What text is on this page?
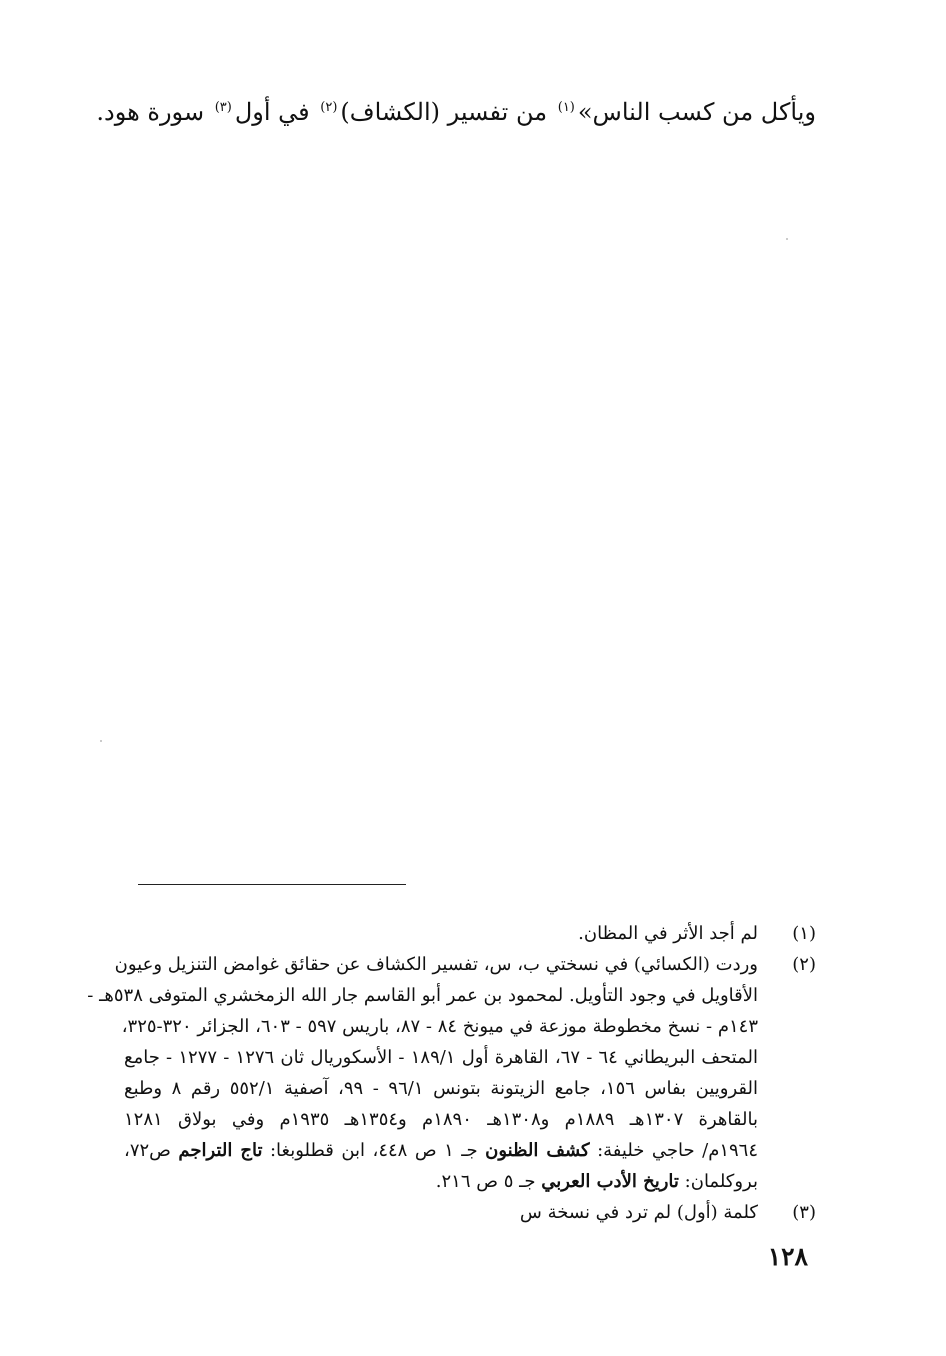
ويأكل من كسب الناس»$^{(١)}$ من تفسير (الكشاف)$^{(٢)}$ في أول$^{(٣)}$ سورة هود.
(١)
لم أجد الأثر في المظان.
(٢)
وردت (الكسائي) في نسختي ب، س، تفسير الكشاف عن حقائق غوامض التنزيل وعيون
الأقاويل في وجود التأويل. لمحمود بن عمر أبو القاسم جار الله الزمخشري المتوفى ٥٣٨هـ -
١٤٣م - نسخ مخطوطة موزعة في ميونخ ٨٤ - ٨٧، باريس ٥٩٧ - ٦٠٣، الجزائر ٣٢٠-٣٢٥،
المتحف البريطاني ٦٤ - ٦٧، القاهرة أول ١٨٩/١ - الأسكوريال ثان ١٢٧٦ - ١٢٧٧ - جامع
القرويين بفاس ١٥٦، جامع الزيتونة بتونس ٩٦/١ - ٩٩، آصفية ٥٥٢/١ رقم ٨ وطبع
بالقاهرة ١٣٠٧هـ ١٨٨٩م و١٣٠٨هـ ١٨٩٠م و١٣٥٤هـ ١٩٣٥م وفي بولاق ١٢٨١
١٩٦٤م/ حاجي خليفة: كشف الظنون جـ ١ ص ٤٤٨، ابن قطلوبغا: تاج التراجم ص٧٢،
بروكلمان: تاريخ الأدب العربي جـ ٥ ص ٢١٦.
(٣)
كلمة (أول) لم ترد في نسخة س
١٢٨
